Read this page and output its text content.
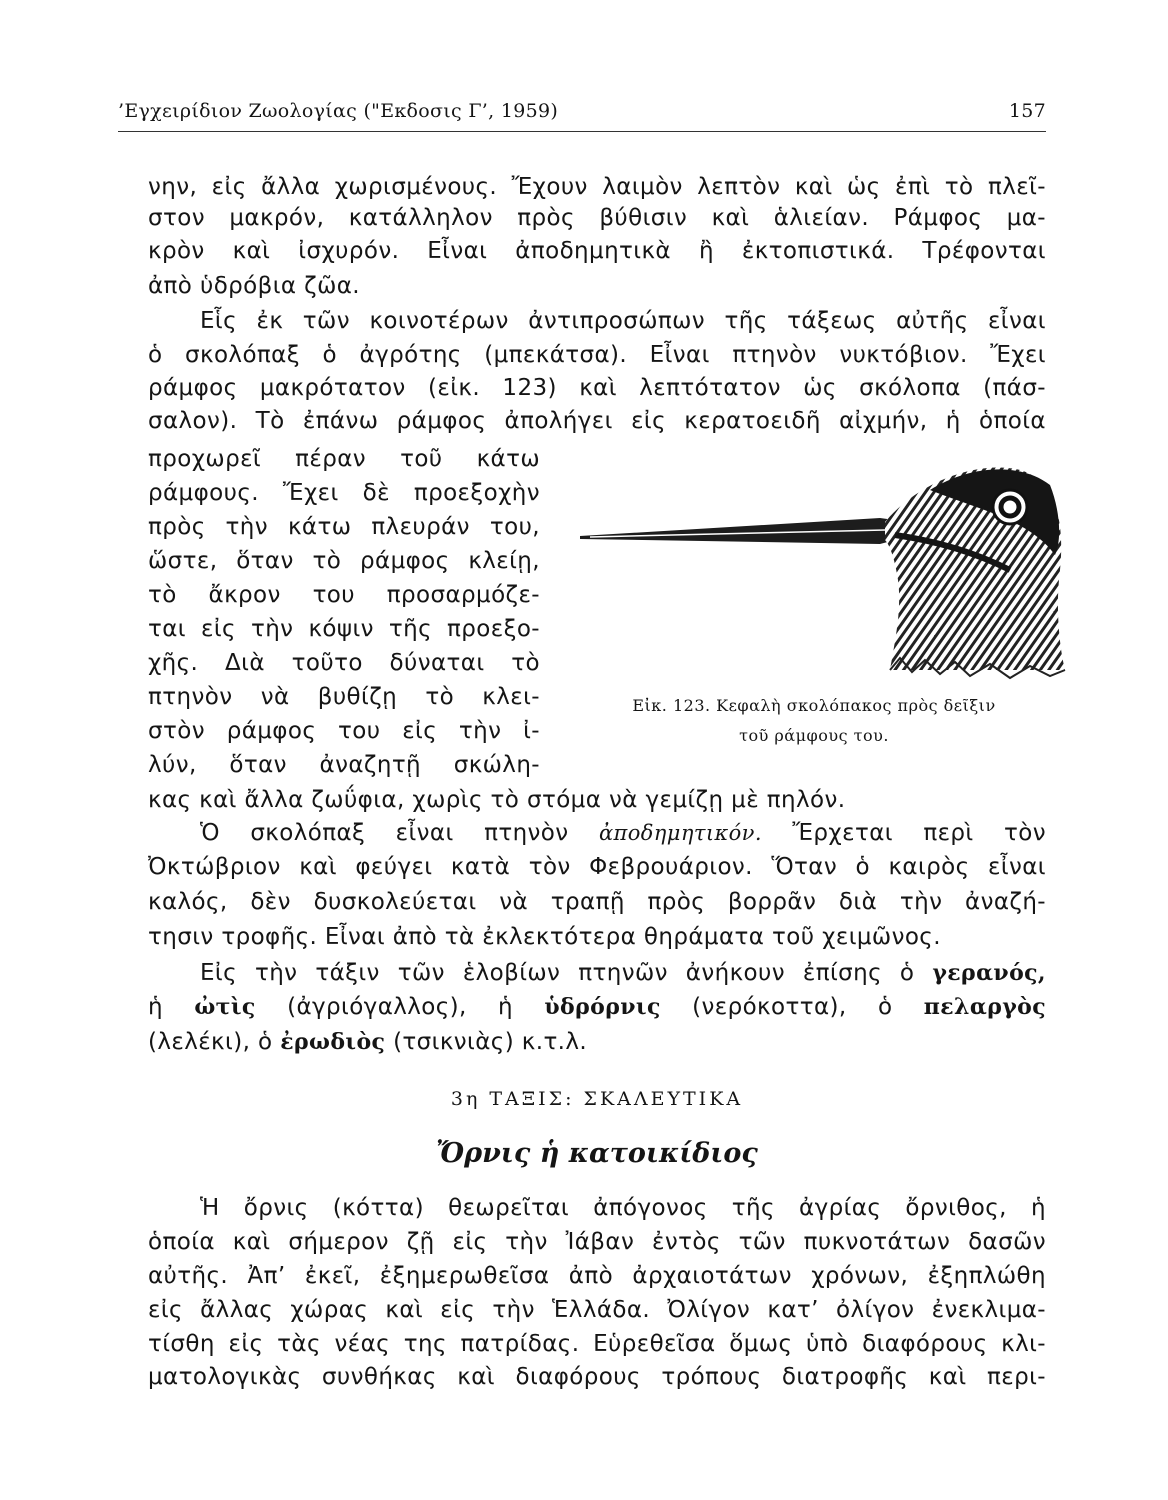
’Εγχειρίδιον Ζωολογίας ("Εκδοσις Γ’, 1959)	157
νην, εἰς ἄλλα χωρισμένους. Ἔχουν λαιμὸν λεπτὸν καὶ ὡς ἐπὶ τὸ πλεῖ-
στον μακρόν, κατάλληλον πρὸς βύθισιν καὶ ἁλιείαν. Ράμφος μα-
κρὸν καὶ ἰσχυρόν. Εἶναι ἀποδημητικὰ ἢ ἐκτοπιστικά. Τρέφονται
ἀπὸ ὑδρόβια ζῶα.
Εἷς ἐκ τῶν κοινοτέρων ἀντιπροσώπων τῆς τάξεως αὐτῆς εἶναι
ὁ σκολόπαξ ὁ ἀγρότης (μπεκάτσα). Εἶναι πτηνὸν νυκτόβιον. Ἔχει
ράμφος μακρότατον (εἰκ. 123) καὶ λεπτότατον ὡς σκόλοπα (πάσ-
σαλον). Τὸ ἐπάνω ράμφος ἀπολήγει εἰς κερατοειδῆ αἰχμήν, ἡ ὁποία
προχωρεῖ πέραν τοῦ κάτω
ράμφους. Ἔχει δὲ προεξοχὴν
πρὸς τὴν κάτω πλευράν του,
ὥστε, ὅταν τὸ ράμφος κλείῃ,
τὸ ἄκρον του προσαρμόζε-
ται εἰς τὴν κόψιν τῆς προεξο-
χῆς. Διὰ τοῦτο δύναται τὸ
πτηνὸν νὰ βυθίζῃ τὸ κλει-
στὸν ράμφος του εἰς τὴν ἰ-
λύν, ὅταν ἀναζητῇ σκώλη-
κας καὶ ἄλλα ζωΰφια, χωρὶς τὸ στόμα νὰ γεμίζῃ μὲ πηλόν.
Ὁ σκολόπαξ εἶναι πτηνὸν ἀποδημητικόν. Ἔρχεται περὶ τὸν
Ὀκτώβριον καὶ φεύγει κατὰ τὸν Φεβρουάριον. Ὅταν ὁ καιρὸς εἶναι
καλός, δὲν δυσκολεύεται νὰ τραπῇ πρὸς βορρᾶν διὰ τὴν ἀναζή-
τησιν τροφῆς. Εἶναι ἀπὸ τὰ ἐκλεκτότερα θηράματα τοῦ χειμῶνος.
Εἰς τὴν τάξιν τῶν ἑλοβίων πτηνῶν ἀνήκουν ἐπίσης ὁ γερανός,
ἡ ὠτὶς (ἀγριόγαλλος), ἡ ὑδρόρνις (νερόκοττα), ὁ πελαργὸς
(λελέκι), ὁ ἐρωδιὸς (τσικνιὰς) κ.τ.λ.
Εἰκ. 123. Κεφαλὴ σκολόπακος πρὸς δεῖξιν
τοῦ ράμφους του.
3η ΤΑΞΙΣ: ΣΚΑΛΕΥΤΙΚΑ
Ὄρνις ἡ κατοικίδιος
Ἡ ὄρνις (κόττα) θεωρεῖται ἀπόγονος τῆς ἀγρίας ὄρνιθος, ἡ
ὁποία καὶ σήμερον ζῇ εἰς τὴν Ἰάβαν ἐντὸς τῶν πυκνοτάτων δασῶν
αὐτῆς. Ἀπ’ ἐκεῖ, ἐξημερωθεῖσα ἀπὸ ἀρχαιοτάτων χρόνων, ἐξηπλώθη
εἰς ἄλλας χώρας καὶ εἰς τὴν Ἑλλάδα. Ὀλίγον κατ’ ὀλίγον ἐνεκλιμα-
τίσθη εἰς τὰς νέας της πατρίδας. Εὑρεθεῖσα ὅμως ὑπὸ διαφόρους κλι-
ματολογικὰς συνθήκας καὶ διαφόρους τρόπους διατροφῆς καὶ περι-
